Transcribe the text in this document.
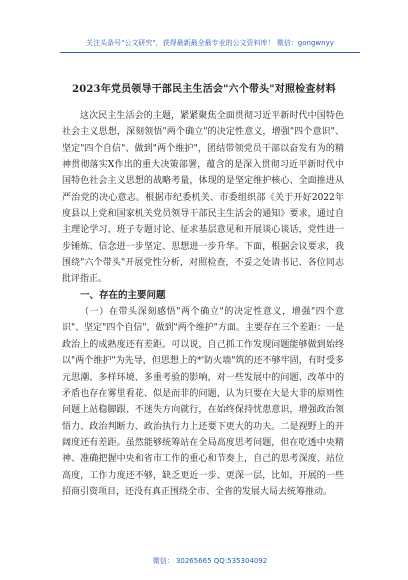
关注头条号"公文研究"，获得最新最全最专业的公文资料库！ 微信：gongwnyy
2023年党员领导干部民主生活会"六个带头"对照检查材料

这次民主生活会的主题，紧紧聚焦全面贯彻习近平新时代中国特色社会主义思想，深刻领悟"两个确立"的决定性意义，增强"四个意识"、坚定"四个自信"、做到"两个维护"，团结带领党员干部以奋发有为的精神贯彻落实X作出的重大决策部署，蕴含的是深入贯彻习近平新时代中国特色社会主义思想的战略考量，体现的是坚定维护核心、全面推进从严治党的决心意志。根据市纪委机关、市委组织部《关于开好2022年度县以上党和国家机关党员领导干部民主生活会的通知》要求，通过自主理论学习、班子专题讨论、征求基层意见和开展谈心谈话，党性进一步锤炼、信念进一步坚定、思想进一步升华。下面，根据会议要求，我围绕"六个带头"开展党性分析，对照检查，不妥之处请书记、各位同志批评指正。

一、存在的主要问题

（一）在带头深刻感悟"两个确立"的决定性意义，增强"四个意识"、坚定"四个自信"，做到"两个维护"方面。主要存在三个差距：一是政治上的成熟度还有差距。可以说，自己抓工作发现问题能够做到始终以"两个维护"为先导，但思想上的*'防火墙"筑的还不够牢固，有时受多元思潮、多样环境、多重考验的影响，对一些发展中的问题、改革中的矛盾也存在雾里看花、似是而非的问题，认为只要在大是大非的原则性问题上站稳脚跟、不迷失方向就行，在始终保持忧患意识，增强政治领悟力、政治判断力、政治执行力上还要下更大的功夫。二是视野上的开阔度还有差距。虽然能够统筹站在全局高度思考问题，但在吃透中央精神、准确把握中央和省市工作的重心和节奏上，自己的思考深度、站位高度，工作力度还不够，缺乏更近一步、更深一层，比如，开展的一些招商引资项目，还没有真正围绕全市、全省的发展大局去统筹推动。

微信： 30265665 QQ:535304092
